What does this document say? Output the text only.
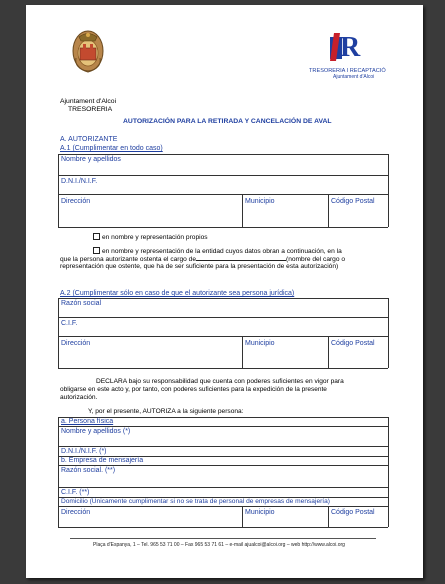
R
TRESORERIA I RECAPTACIÓ
Ajuntament d'Alcoi
Ajuntament d'Alcoi
TRESORERIA
AUTORIZACIÓN PARA LA RETIRADA Y CANCELACIÓN DE AVAL
A. AUTORIZANTE
A.1 (Cumplimentar en todo caso)
Nombre y apellidos
D.N.I./N.I.F.
Dirección	Municipio	Código Postal
en nombre y representación propios
en nombre y representación de la entidad cuyos datos obran a continuación, en la
que la persona autorizante ostenta el cargo de	(nombre del cargo o
representación que ostente, que ha de ser suficiente para la presentación de esta autorización)
A.2 (Cumplimentar sólo en caso de que el autorizante sea persona jurídica)
Razón social
C.I.F.
Dirección	Municipio	Código Postal
DECLARA bajo su responsabilidad que cuenta con poderes suficientes en vigor para
obligarse en este acto y, por tanto, con poderes suficientes para la expedición de la presente
autorización.
Y, por el presente, AUTORIZA a la siguiente persona:
a. Persona física
Nombre y apellidos (*)
D.N.I./N.I.F. (*)
b. Empresa de mensajería
Razón social. (**)
C.I.F. (**)
Domicilio (Únicamente cumplimentar si no se trata de personal de empresas de mensajería)
Dirección	Municipio	Código Postal
Plaça d'Espanya, 1 – Tel. 965 53 71 00 – Fax 965 53 71 61 – e-mail ajualcoi@alcoi.org – web http://www.alcoi.org
